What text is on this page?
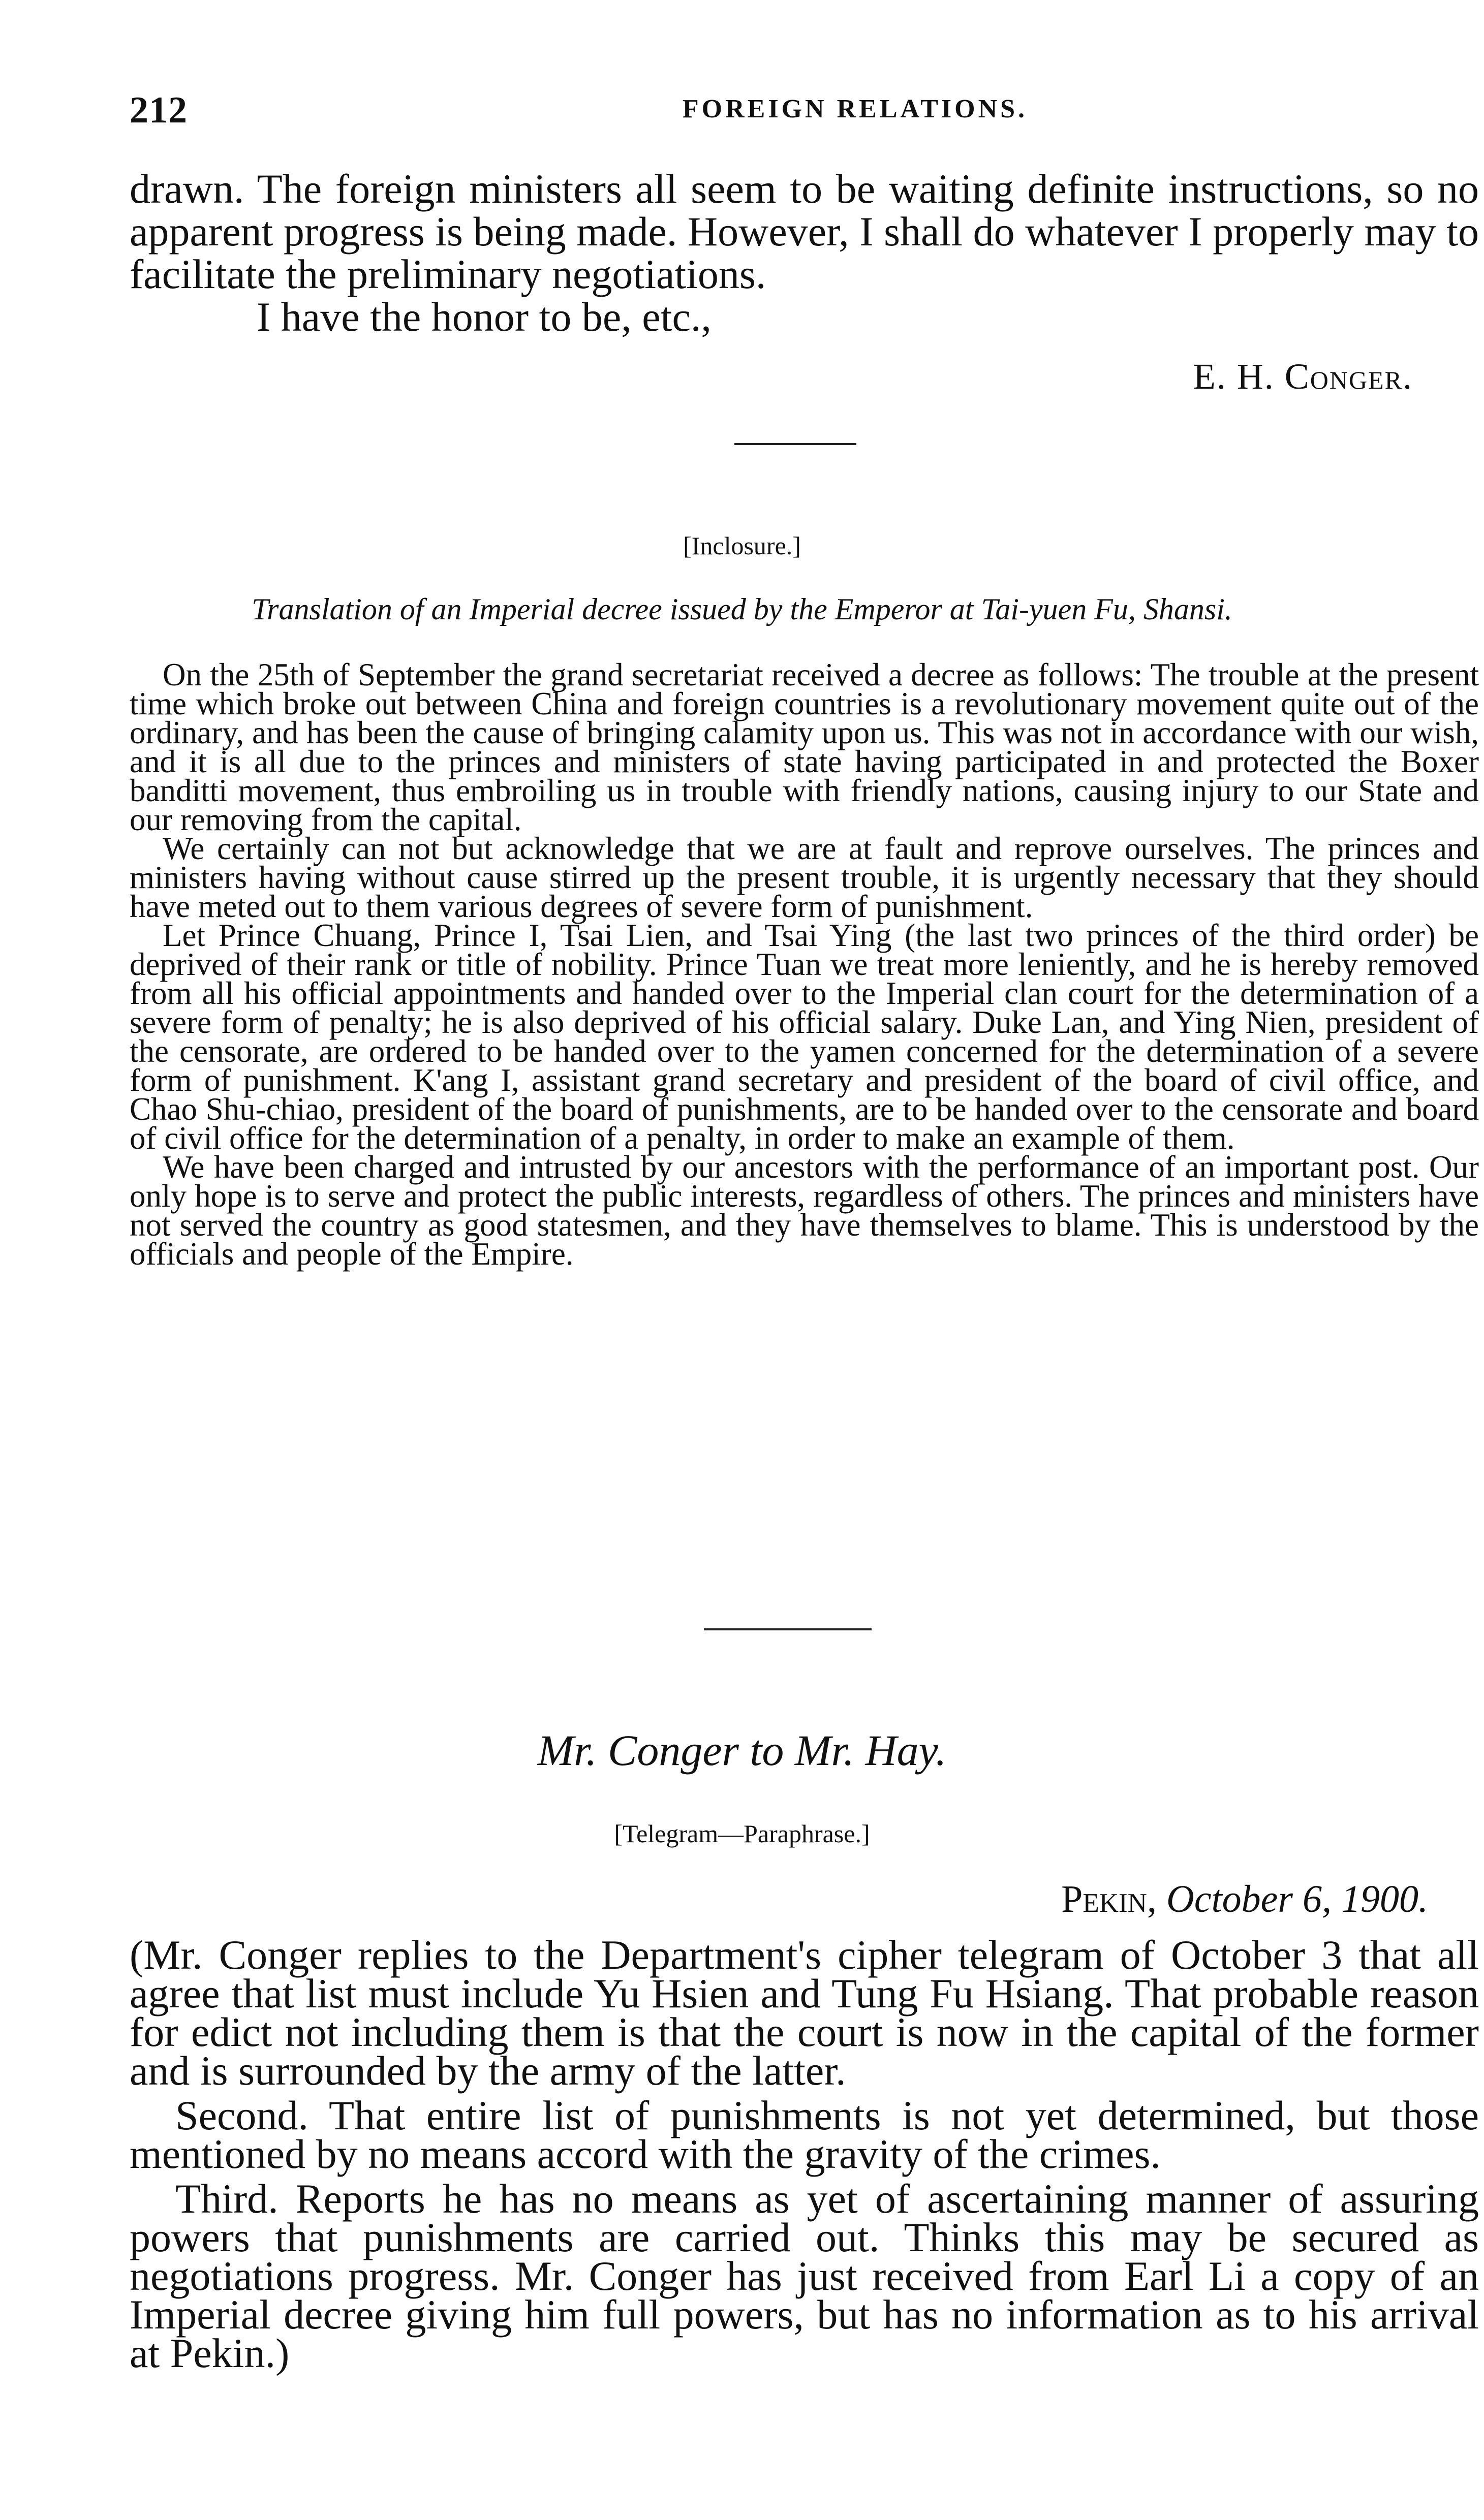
212	FOREIGN RELATIONS.

drawn. The foreign ministers all seem to be waiting definite instructions, so no apparent progress is being made. However, I shall do whatever I properly may to facilitate the preliminary negotiations.

I have the honor to be, etc.,

E. H. Conger.
[Inclosure.]
Translation of an Imperial decree issued by the Emperor at Tai-yuen Fu, Shansi.

On the 25th of September the grand secretariat received a decree as follows: The trouble at the present time which broke out between China and foreign countries is a revolutionary movement quite out of the ordinary, and has been the cause of bringing calamity upon us. This was not in accordance with our wish, and it is all due to the princes and ministers of state having participated in and protected the Boxer banditti movement, thus embroiling us in trouble with friendly nations, causing injury to our State and our removing from the capital.

We certainly can not but acknowledge that we are at fault and reprove ourselves. The princes and ministers having without cause stirred up the present trouble, it is urgently necessary that they should have meted out to them various degrees of severe form of punishment.

Let Prince Chuang, Prince I, Tsai Lien, and Tsai Ying (the last two princes of the third order) be deprived of their rank or title of nobility. Prince Tuan we treat more leniently, and he is hereby removed from all his official appointments and handed over to the Imperial clan court for the determination of a severe form of penalty; he is also deprived of his official salary. Duke Lan, and Ying Nien, president of the censorate, are ordered to be handed over to the yamen concerned for the determination of a severe form of punishment. K'ang I, assistant grand secretary and president of the board of civil office, and Chao Shu-chiao, president of the board of punishments, are to be handed over to the censorate and board of civil office for the determination of a penalty, in order to make an example of them.

We have been charged and intrusted by our ancestors with the performance of an important post. Our only hope is to serve and protect the public interests, regardless of others. The princes and ministers have not served the country as good statesmen, and they have themselves to blame. This is understood by the officials and people of the Empire.

Mr. Conger to Mr. Hay.
[Telegram—Paraphrase.]
Pekin, October 6, 1900.

(Mr. Conger replies to the Department's cipher telegram of October 3 that all agree that list must include Yu Hsien and Tung Fu Hsiang. That probable reason for edict not including them is that the court is now in the capital of the former and is surrounded by the army of the latter.

Second. That entire list of punishments is not yet determined, but those mentioned by no means accord with the gravity of the crimes.

Third. Reports he has no means as yet of ascertaining manner of assuring powers that punishments are carried out. Thinks this may be secured as negotiations progress. Mr. Conger has just received from Earl Li a copy of an Imperial decree giving him full powers, but has no information as to his arrival at Pekin.)
